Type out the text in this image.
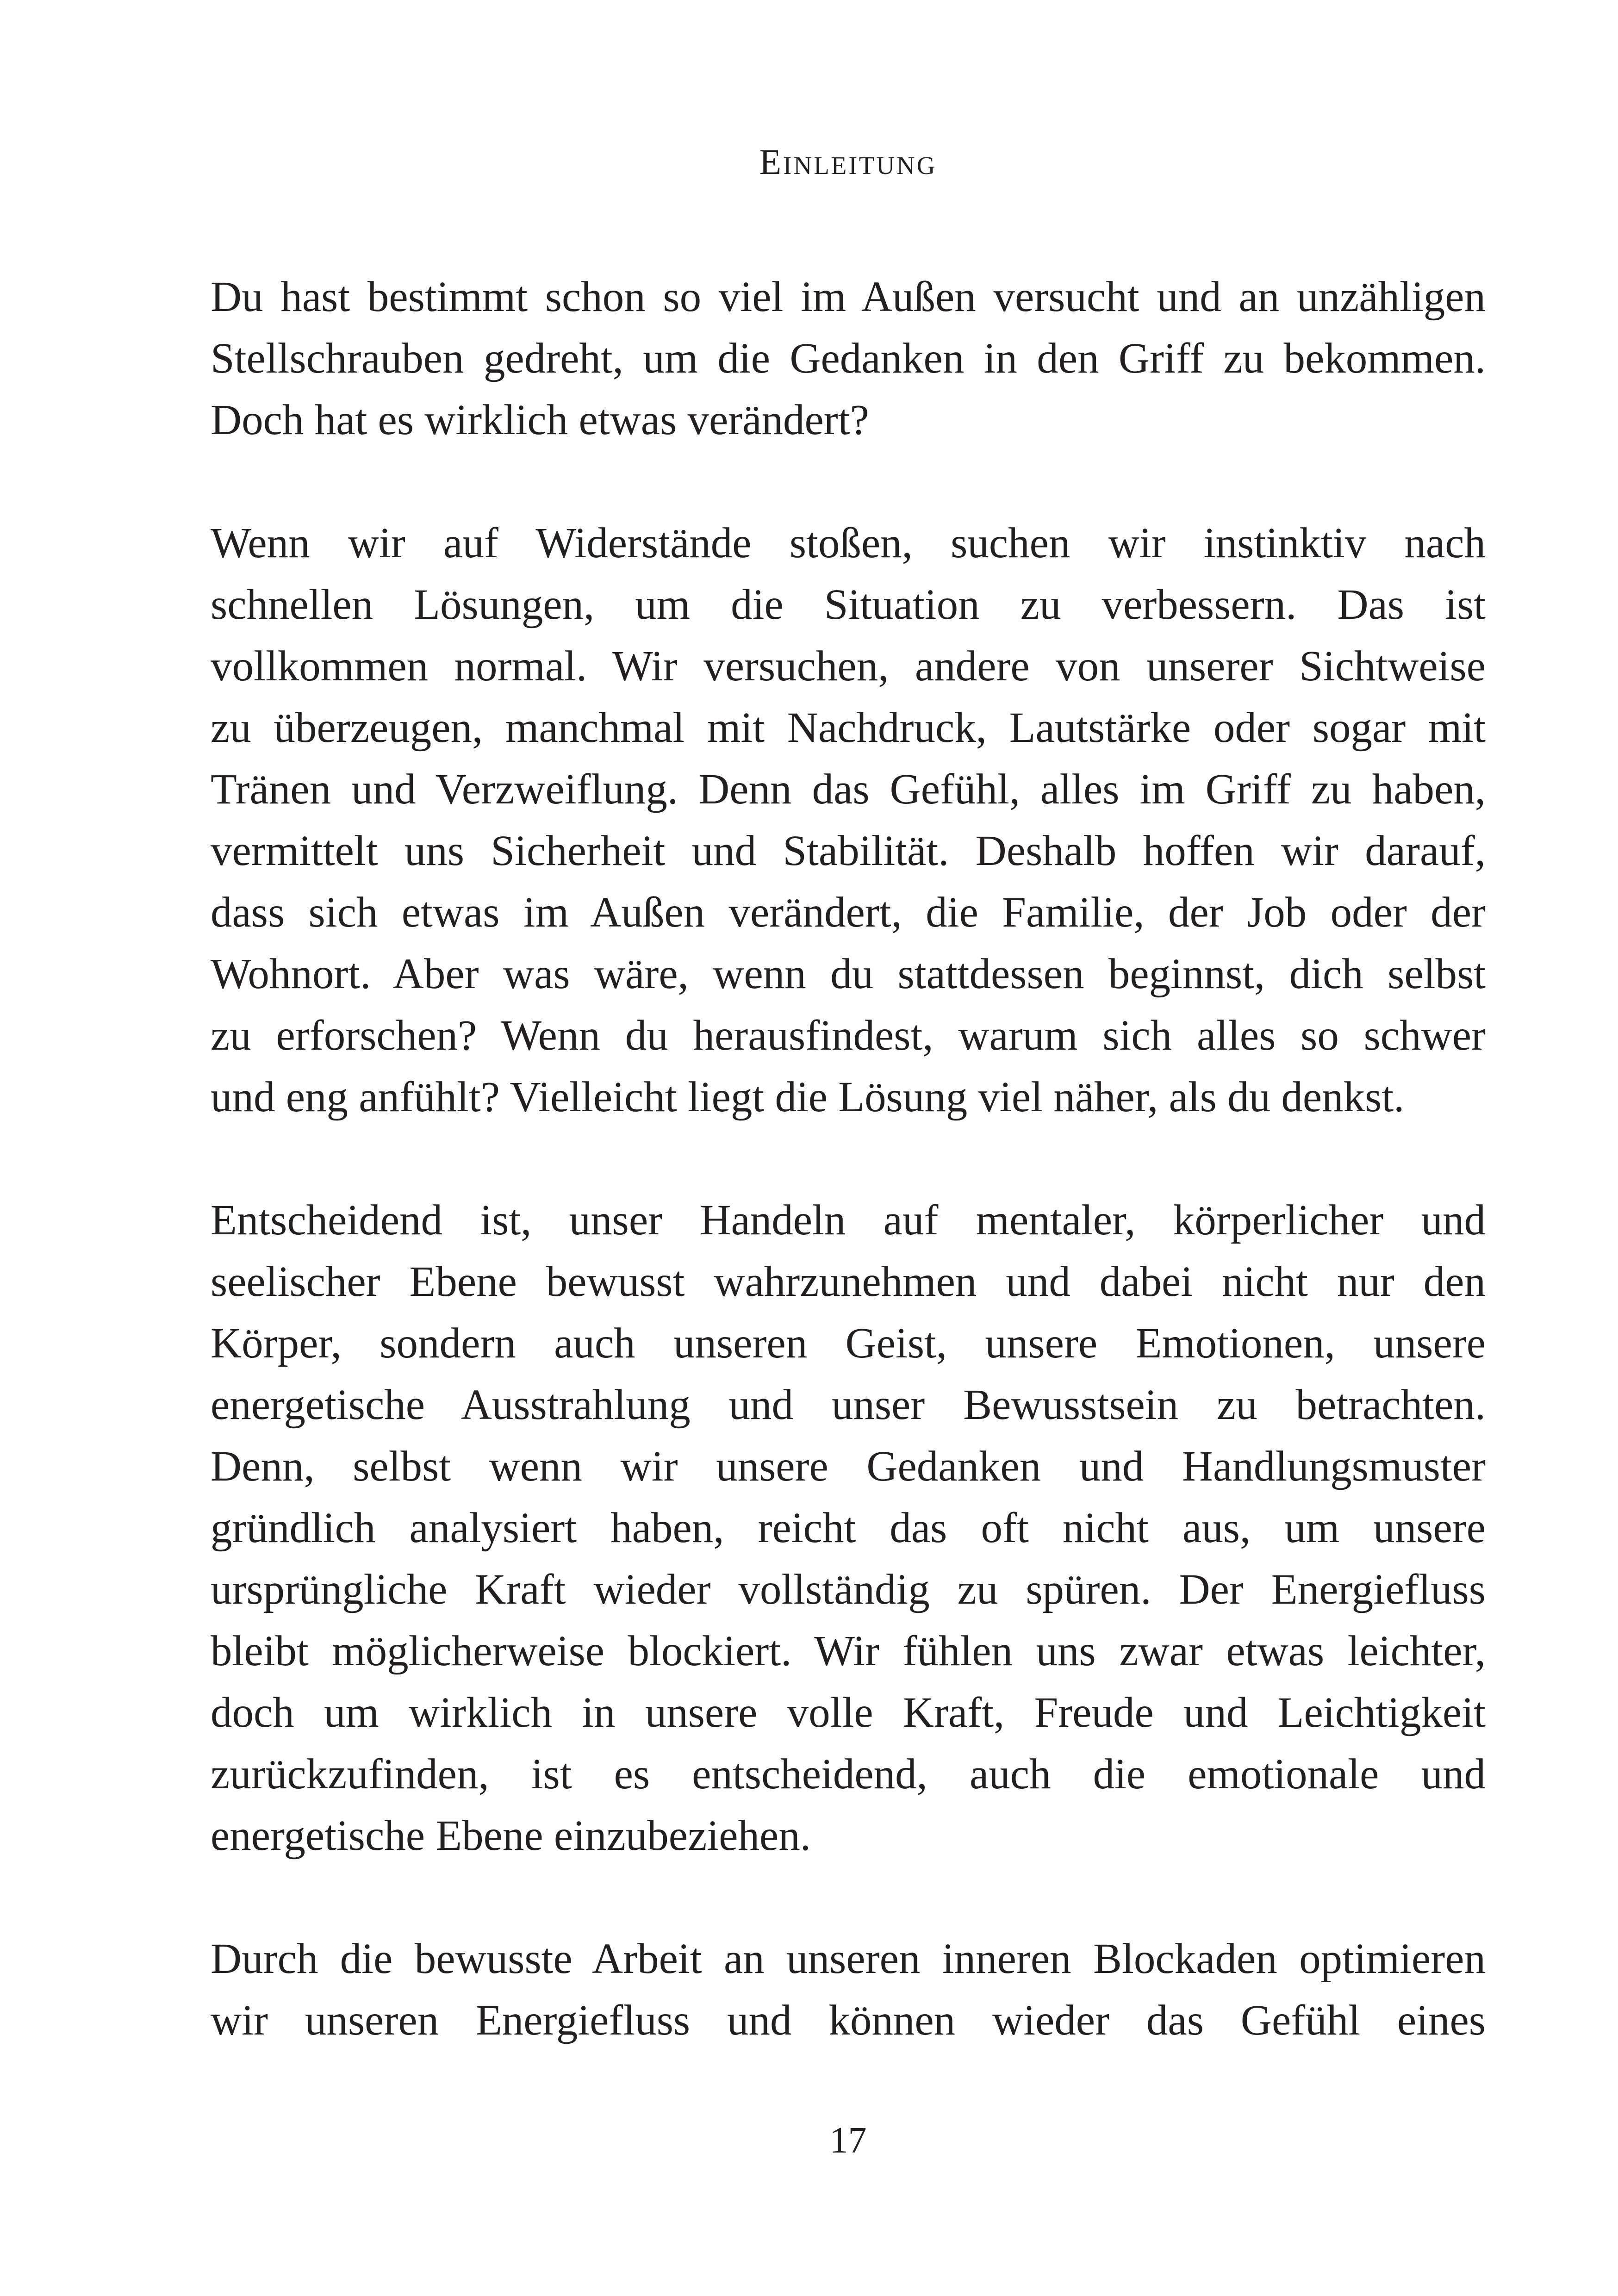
Einleitung
Du hast bestimmt schon so viel im Außen versucht und an unzähligen
Stellschrauben gedreht, um die Gedanken in den Griff zu bekommen.
Doch hat es wirklich etwas verändert?
Wenn wir auf Widerstände stoßen, suchen wir instinktiv nach
schnellen Lösungen, um die Situation zu verbessern. Das ist
vollkommen normal. Wir versuchen, andere von unserer Sichtweise
zu überzeugen, manchmal mit Nachdruck, Lautstärke oder sogar mit
Tränen und Verzweiflung. Denn das Gefühl, alles im Griff zu haben,
vermittelt uns Sicherheit und Stabilität. Deshalb hoffen wir darauf,
dass sich etwas im Außen verändert, die Familie, der Job oder der
Wohnort. Aber was wäre, wenn du stattdessen beginnst, dich selbst
zu erforschen? Wenn du herausfindest, warum sich alles so schwer
und eng anfühlt? Vielleicht liegt die Lösung viel näher, als du denkst.
Entscheidend ist, unser Handeln auf mentaler, körperlicher und
seelischer Ebene bewusst wahrzunehmen und dabei nicht nur den
Körper, sondern auch unseren Geist, unsere Emotionen, unsere
energetische Ausstrahlung und unser Bewusstsein zu betrachten.
Denn, selbst wenn wir unsere Gedanken und Handlungsmuster
gründlich analysiert haben, reicht das oft nicht aus, um unsere
ursprüngliche Kraft wieder vollständig zu spüren. Der Energiefluss
bleibt möglicherweise blockiert. Wir fühlen uns zwar etwas leichter,
doch um wirklich in unsere volle Kraft, Freude und Leichtigkeit
zurückzufinden, ist es entscheidend, auch die emotionale und
energetische Ebene einzubeziehen.
Durch die bewusste Arbeit an unseren inneren Blockaden optimieren
wir unseren Energiefluss und können wieder das Gefühl eines
17
